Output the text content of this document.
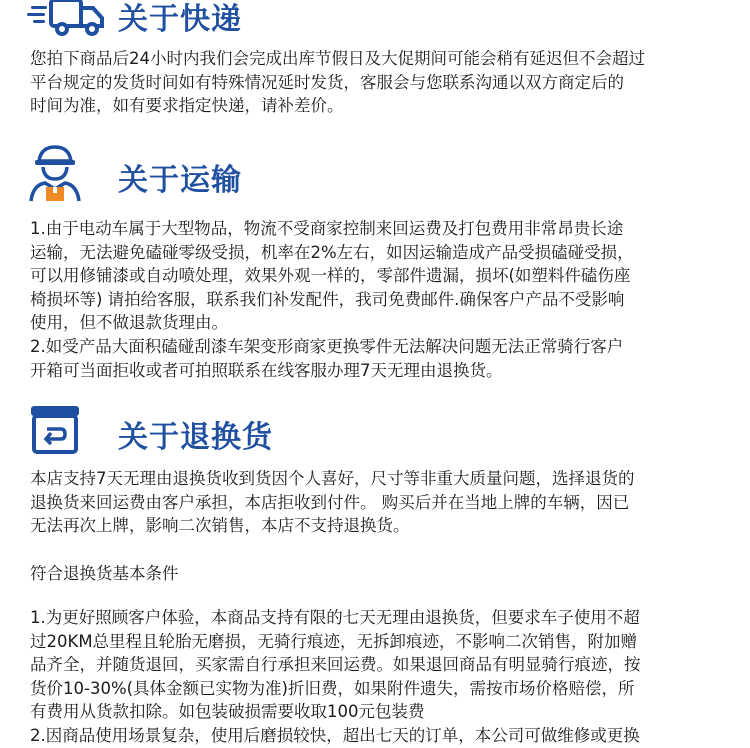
关于快递
您拍下商品后24小时内我们会完成出库节假日及大促期间可能会稍有延迟但不会超过
平台规定的发货时间如有特殊情况延时发货，客服会与您联系沟通以双方商定后的
时间为准，如有要求指定快递，请补差价。
关于运输
1.由于电动车属于大型物品，物流不受商家控制来回运费及打包费用非常昂贵长途
运输，无法避免磕碰零级受损，机率在2%左右，如因运输造成产品受损磕碰受损，
可以用修铺漆或自动喷处理，效果外观一样的，零部件遗漏，损坏(如塑料件磕伤座
椅损坏等) 请拍给客服，联系我们补发配件，我司免费邮件.确保客户产品不受影响
使用，但不做退款货理由。
2.如受产品大面积磕碰刮漆车架变形商家更换零件无法解决问题无法正常骑行客户
开箱可当面拒收或者可拍照联系在线客服办理7天无理由退换货。
关于退换货
本店支持7天无理由退换货收到货因个人喜好，尺寸等非重大质量问题，选择退货的
退换货来回运费由客户承担，本店拒收到付件。 购买后并在当地上牌的车辆，因已
无法再次上牌，影响二次销售，本店不支持退换货。
符合退换货基本条件
1.为更好照顾客户体验，本商品支持有限的七天无理由退换货，但要求车子使用不超
过20KM总里程且轮胎无磨损，无骑行痕迹，无拆卸痕迹，不影响二次销售，附加赠
品齐全，并随货退回，买家需自行承担来回运费。如果退回商品有明显骑行痕迹，按
货价10-30%(具体金额已实物为准)折旧费，如果附件遗失，需按市场价格赔偿，所
有费用从货款扣除。如包装破损需要收取100元包装费
2.因商品使用场景复杂，使用后磨损较快，超出七天的订单，本公司可做维修或更换
